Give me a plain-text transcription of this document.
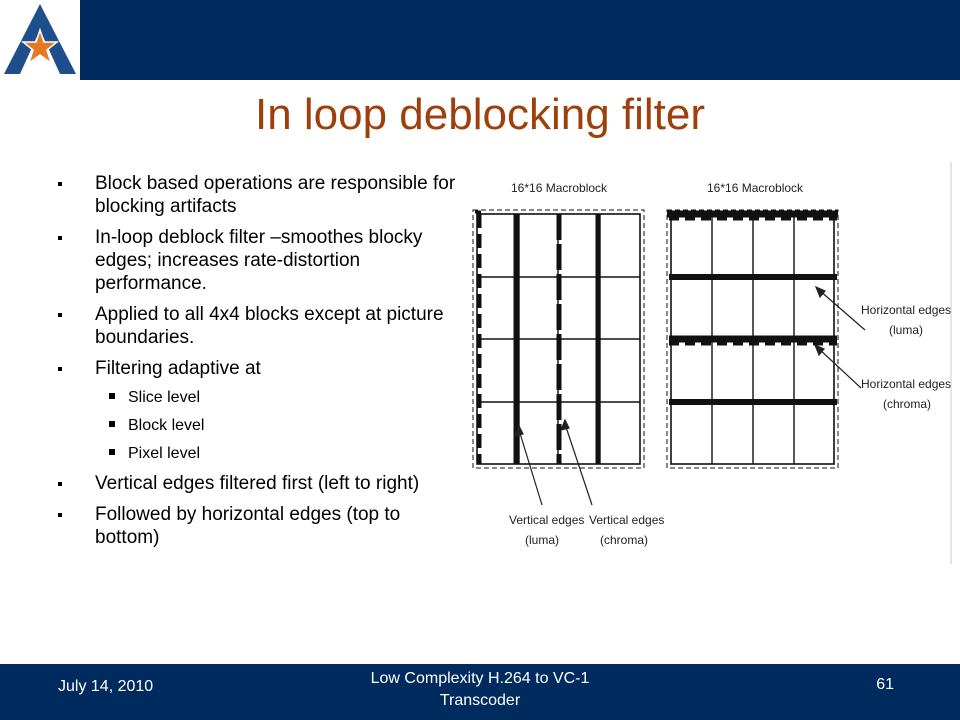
In loop deblocking filter
Block based operations are responsible for blocking artifacts
In-loop deblock filter –smoothes blocky edges; increases rate-distortion performance.
Applied to all 4x4 blocks except at picture boundaries.
Filtering adaptive at
Slice level
Block level
Pixel level
Vertical edges filtered first (left to right)
Followed by horizontal edges (top to bottom)
16*16 Macroblock	16*16 Macroblock
Vertical edges
(luma)
Vertical edges
(chroma)
Horizontal edges
(luma)
Horizontal edges
(chroma)
July 14, 2010	Low Complexity H.264 to VC-1
Transcoder
61
